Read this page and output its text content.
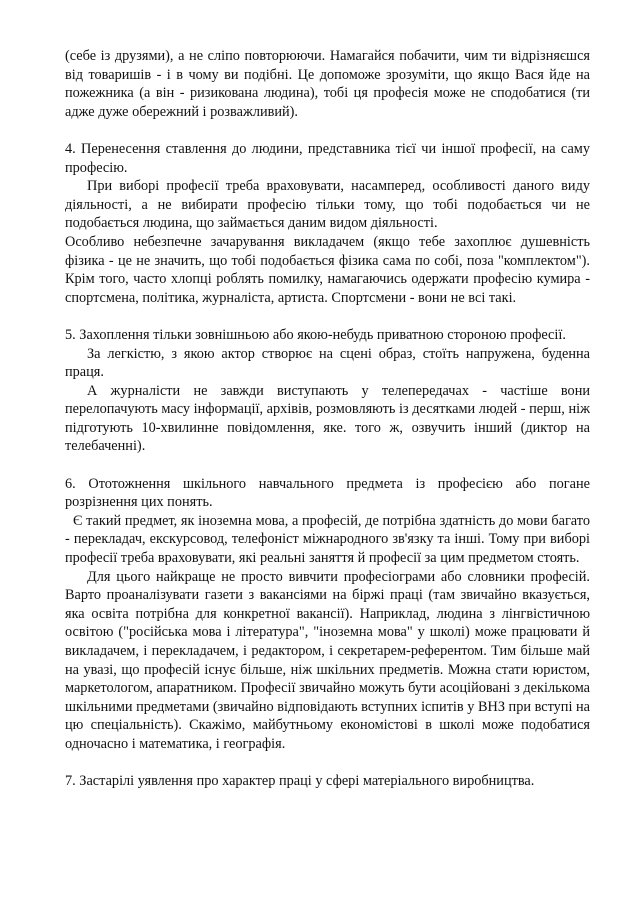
(себе із друзями), а не сліпо повторюючи. Намагайся побачити, чим ти відрізняєшся від товаришів - і в чому ви подібні. Це допоможе зрозуміти, що якщо Вася йде на пожежника (а він - ризикована людина), тобі ця професія може не сподобатися (ти адже дуже обережний і розважливий).

4. Перенесення ставлення до людини, представника тієї чи іншої професії, на саму професію.

При виборі професії треба враховувати, насамперед, особливості даного виду діяльності, а не вибирати професію тільки тому, що тобі подобається чи не подобається людина, що займається даним видом діяльності.

Особливо небезпечне зачарування викладачем (якщо тебе захоплює душевність фізика - це не значить, що тобі подобається фізика сама по собі, поза "комплектом"). Крім того, часто хлопці роблять помилку, намагаючись одержати професію кумира - спортсмена, політика, журналіста, артиста. Спортсмени - вони не всі такі.

5. Захоплення тільки зовнішньою або якою-небудь приватною стороною професії.

За легкістю, з якою актор створює на сцені образ, стоїть напружена, буденна праця.

А журналісти не завжди виступають у телепередачах - частіше вони перелопачують масу інформації, архівів, розмовляють із десятками людей - перш, ніж підготують 10-хвилинне повідомлення, яке. того ж, озвучить інший (диктор на телебаченні).

6. Ототожнення шкільного навчального предмета із професією або погане розрізнення цих понять.

Є такий предмет, як іноземна мова, а професій, де потрібна здатність до мови багато - перекладач, екскурсовод, телефоніст міжнародного зв'язку та інші. Тому при виборі професії треба враховувати, які реальні заняття й професії за цим предметом стоять.

Для цього найкраще не просто вивчити професіограми або словники професій. Варто проаналізувати газети з вакансіями на біржі праці (там звичайно вказується, яка освіта потрібна для конкретної вакансії). Наприклад, людина з лінгвістичною освітою ("російська мова і література", "іноземна мова" у школі) може працювати й викладачем, і перекладачем, і редактором, і секретарем-референтом. Тим більше май на увазі, що професій існує більше, ніж шкільних предметів. Можна стати юристом, маркетологом, апаратником. Професії звичайно можуть бути асоційовані з декількома шкільними предметами (звичайно відповідають вступних іспитів у ВНЗ при вступі на цю спеціальність). Скажімо, майбутньому економістові в школі може подобатися одночасно і математика, і географія.

7. Застарілі уявлення про характер праці у сфері матеріального виробництва.
